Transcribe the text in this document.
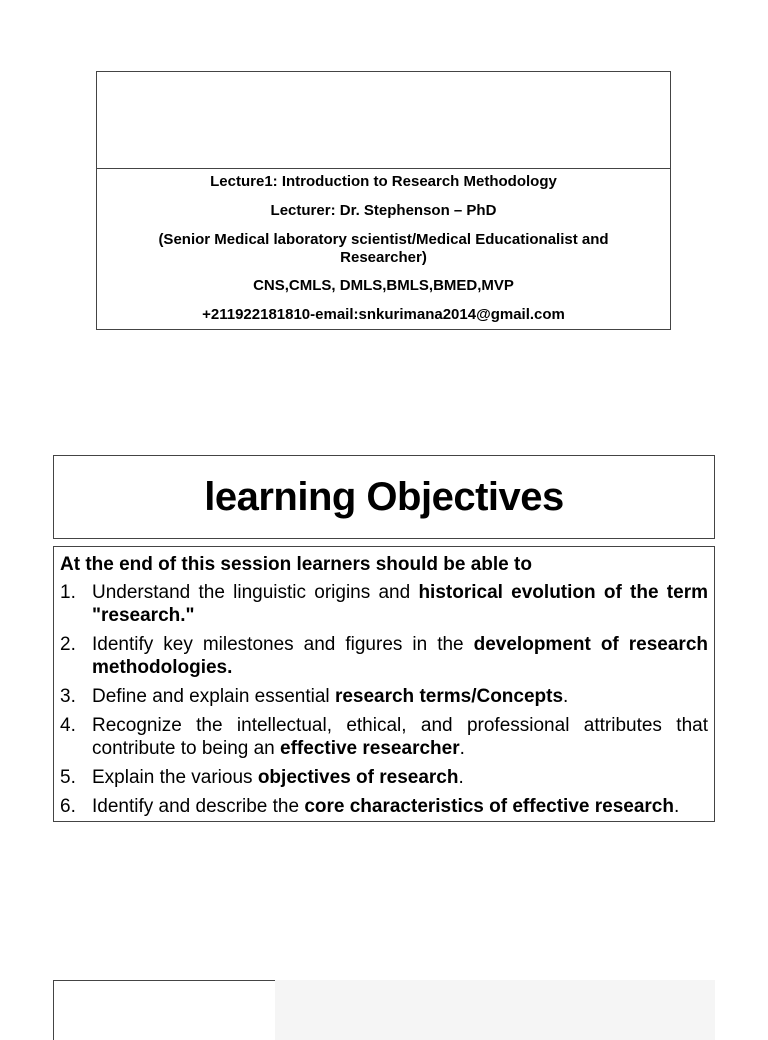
Lecture1: Introduction to Research Methodology

Lecturer: Dr. Stephenson – PhD

(Senior Medical laboratory scientist/Medical Educationalist and Researcher)

CNS,CMLS, DMLS,BMLS,BMED,MVP

+211922181810-email:snkurimana2014@gmail.com

learning Objectives

At the end of this session learners should be able to

1. Understand the linguistic origins and historical evolution of the term "research."
2. Identify key milestones and figures in the development of research methodologies.
3. Define and explain essential research terms/Concepts.
4. Recognize the intellectual, ethical, and professional attributes that contribute to being an effective researcher.
5. Explain the various objectives of research.
6. Identify and describe the core characteristics of effective research.
